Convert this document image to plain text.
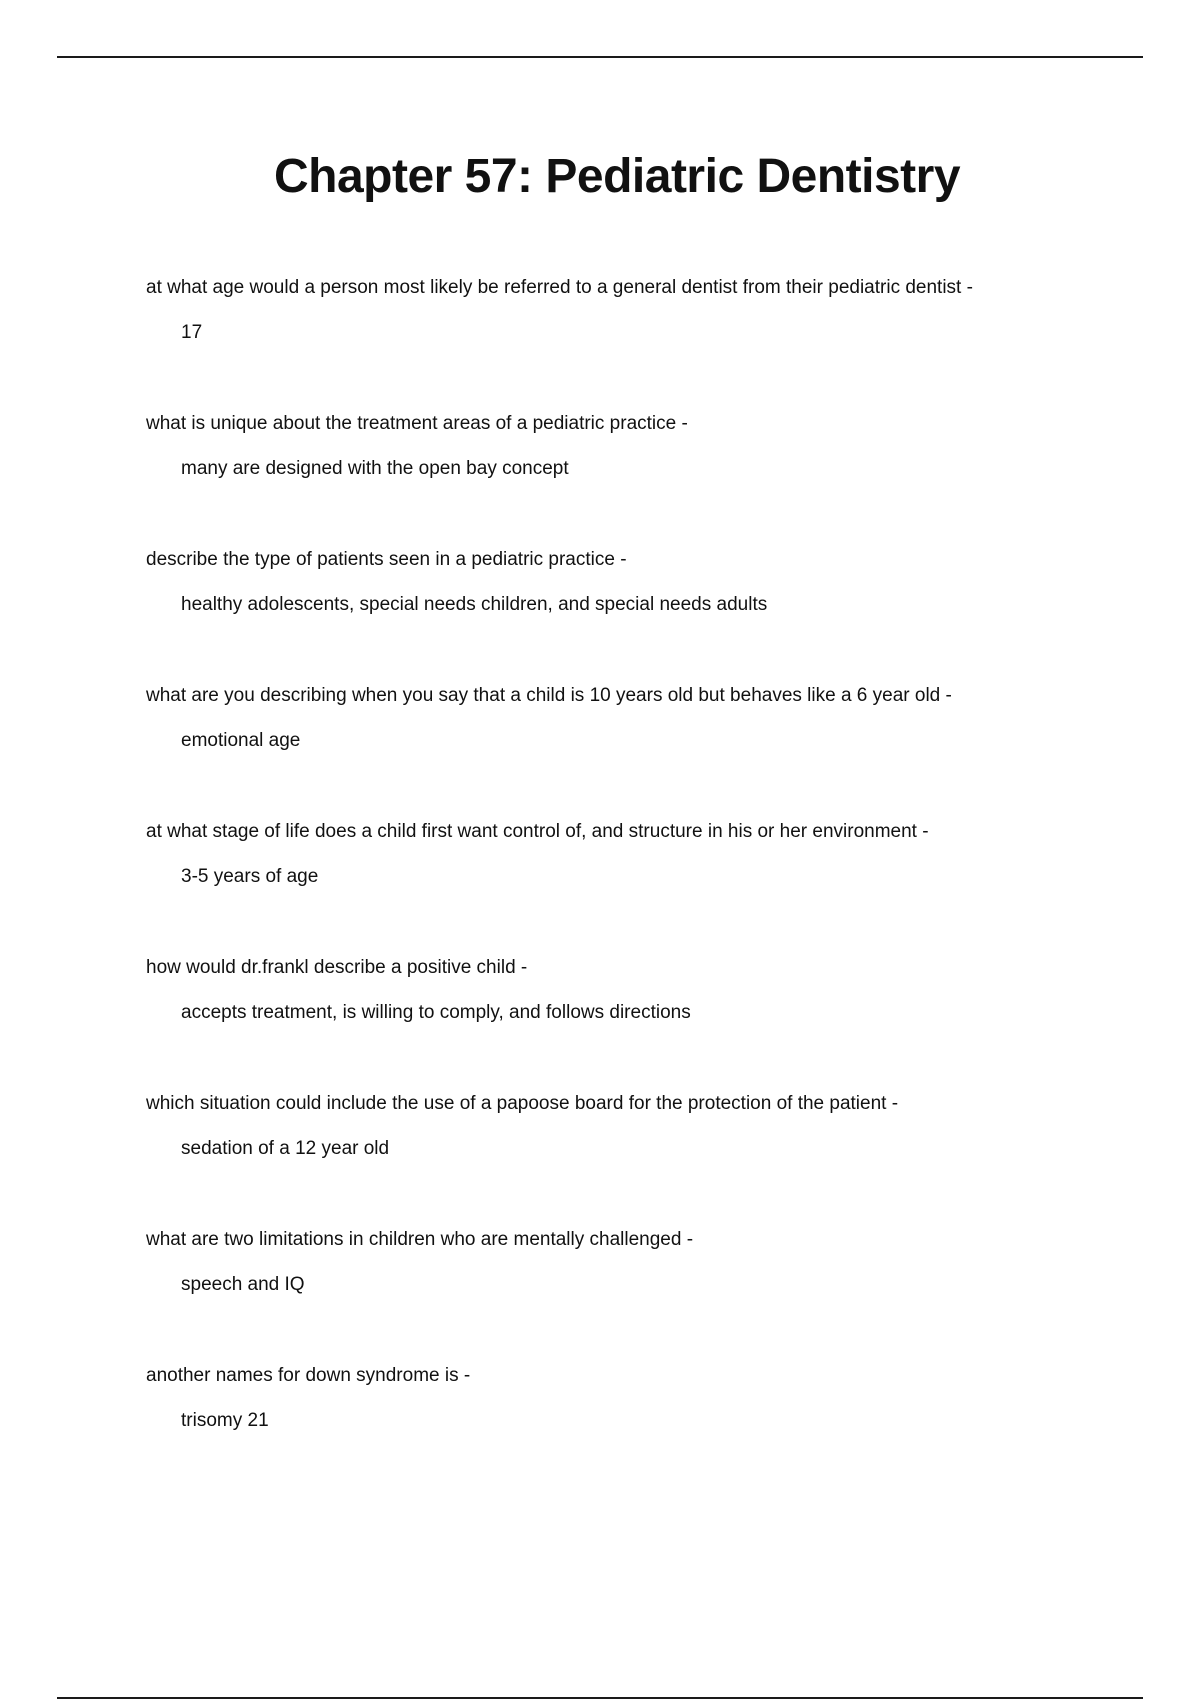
Chapter 57: Pediatric Dentistry
at what age would a person most likely be referred to a general dentist from their pediatric dentist -
17
what is unique about the treatment areas of a pediatric practice -
many are designed with the open bay concept
describe the type of patients seen in a pediatric practice -
healthy adolescents, special needs children, and special needs adults
what are you describing when you say that a child is 10 years old but behaves like a 6 year old -
emotional age
at what stage of life does a child first want control of, and structure in his or her environment -
3-5 years of age
how would dr.frankl describe a positive child -
accepts treatment, is willing to comply, and follows directions
which situation could include the use of a papoose board for the protection of the patient -
sedation of a 12 year old
what are two limitations in children who are mentally challenged -
speech and IQ
another names for down syndrome is -
trisomy 21
